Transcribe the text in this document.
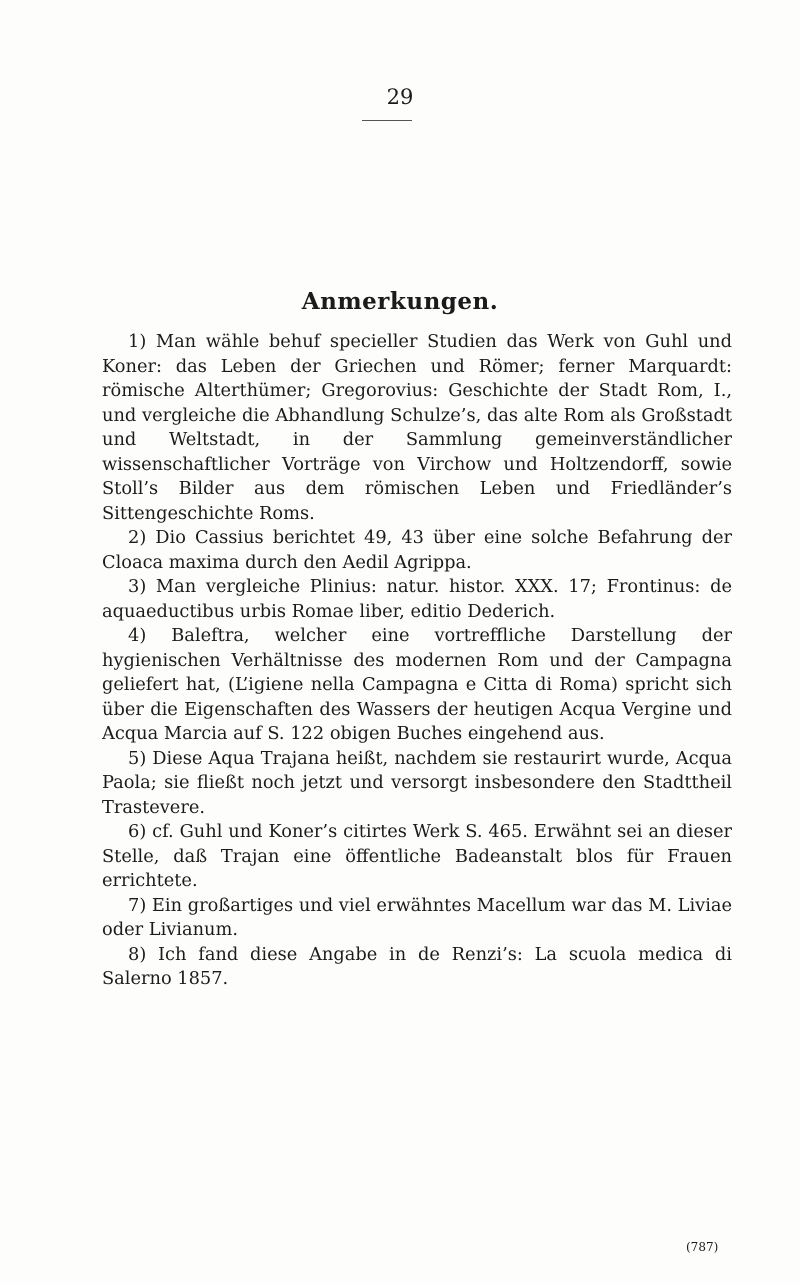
29
Anmerkungen.

1) Man wähle behuf specieller Studien das Werk von Guhl und Koner: das Leben der Griechen und Römer; ferner Marquardt: römische Alterthümer; Gregorovius: Geschichte der Stadt Rom, I., und vergleiche die Abhandlung Schulze’s, das alte Rom als Großstadt und Weltstadt, in der Sammlung gemeinverständlicher wissenschaftlicher Vorträge von Virchow und Holtzendorff, sowie Stoll’s Bilder aus dem römischen Leben und Friedländer’s Sittengeschichte Roms.

2) Dio Cassius berichtet 49, 43 über eine solche Befahrung der Cloaca maxima durch den Aedil Agrippa.

3) Man vergleiche Plinius: natur. histor. XXX. 17; Frontinus: de aquaeductibus urbis Romae liber, editio Dederich.

4) Baleftra, welcher eine vortreffliche Darstellung der hygienischen Verhältnisse des modernen Rom und der Campagna geliefert hat, (L’igiene nella Campagna e Citta di Roma) spricht sich über die Eigenschaften des Wassers der heutigen Acqua Vergine und Acqua Marcia auf S. 122 obigen Buches eingehend aus.

5) Diese Aqua Trajana heißt, nachdem sie restaurirt wurde, Acqua Paola; sie fließt noch jetzt und versorgt insbesondere den Stadttheil Trastevere.

6) cf. Guhl und Koner’s citirtes Werk S. 465. Erwähnt sei an dieser Stelle, daß Trajan eine öffentliche Badeanstalt blos für Frauen errichtete.

7) Ein großartiges und viel erwähntes Macellum war das M. Liviae oder Livianum.

8) Ich fand diese Angabe in de Renzi’s: La scuola medica di Salerno 1857.

(787)
